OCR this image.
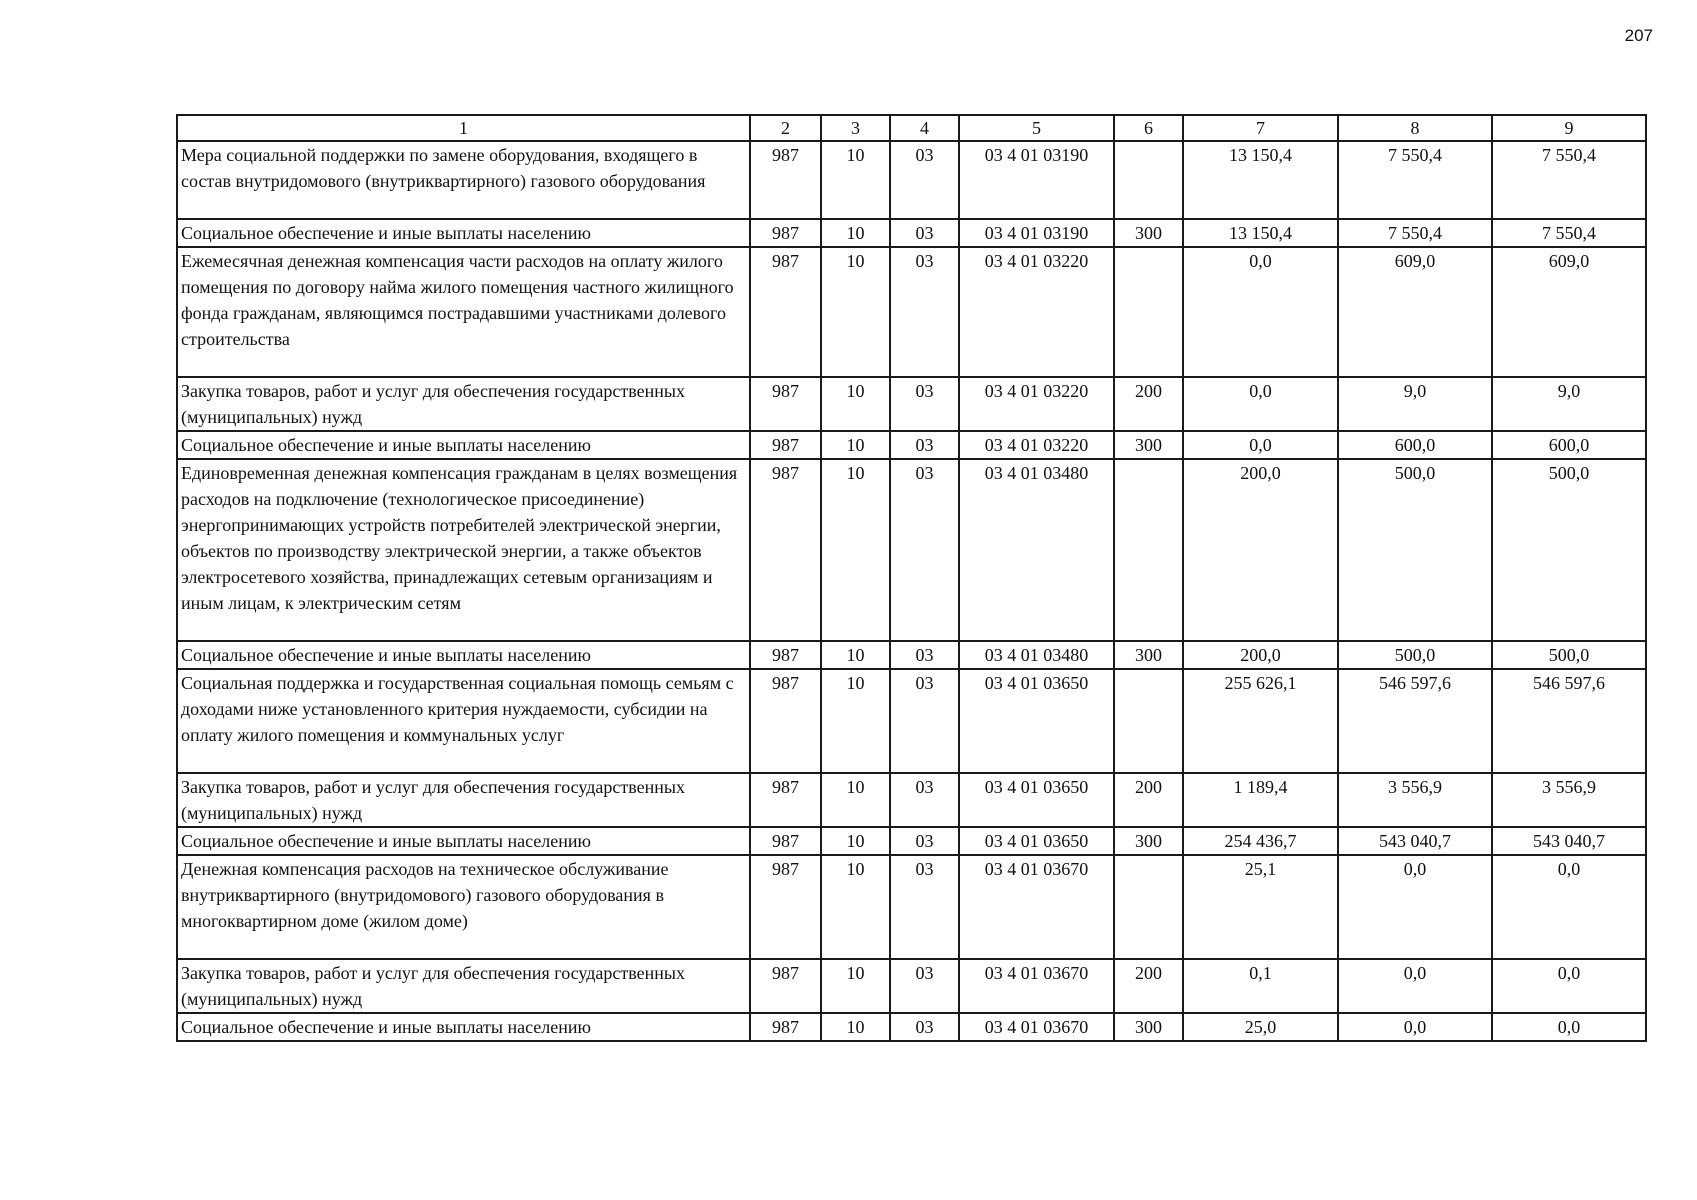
207
1	2	3	4	5	6	7	8	9
Мера социальной поддержки по замене оборудования, входящего в состав внутридомового (внутриквартирного) газового оборудования	987	10	03	03 4 01 03190		13 150,4	7 550,4	7 550,4
Социальное обеспечение и иные выплаты населению	987	10	03	03 4 01 03190	300	13 150,4	7 550,4	7 550,4
Ежемесячная денежная компенсация части расходов на оплату жилого помещения по договору найма жилого помещения частного жилищного фонда гражданам, являющимся пострадавшими участниками долевого строительства	987	10	03	03 4 01 03220		0,0	609,0	609,0
Закупка товаров, работ и услуг для обеспечения государственных (муниципальных) нужд	987	10	03	03 4 01 03220	200	0,0	9,0	9,0
Социальное обеспечение и иные выплаты населению	987	10	03	03 4 01 03220	300	0,0	600,0	600,0
Единовременная денежная компенсация гражданам в целях возмещения расходов на подключение (технологическое присоединение) энергопринимающих устройств потребителей электрической энергии, объектов по производству электрической энергии, а также объектов электросетевого хозяйства, принадлежащих сетевым организациям и иным лицам, к электрическим сетям	987	10	03	03 4 01 03480		200,0	500,0	500,0
Социальное обеспечение и иные выплаты населению	987	10	03	03 4 01 03480	300	200,0	500,0	500,0
Социальная поддержка и государственная социальная помощь семьям с доходами ниже установленного критерия нуждаемости, субсидии на оплату жилого помещения и коммунальных услуг	987	10	03	03 4 01 03650		255 626,1	546 597,6	546 597,6
Закупка товаров, работ и услуг для обеспечения государственных (муниципальных) нужд	987	10	03	03 4 01 03650	200	1 189,4	3 556,9	3 556,9
Социальное обеспечение и иные выплаты населению	987	10	03	03 4 01 03650	300	254 436,7	543 040,7	543 040,7
Денежная компенсация расходов на техническое обслуживание внутриквартирного (внутридомового) газового оборудования в многоквартирном доме (жилом доме)	987	10	03	03 4 01 03670		25,1	0,0	0,0
Закупка товаров, работ и услуг для обеспечения государственных (муниципальных) нужд	987	10	03	03 4 01 03670	200	0,1	0,0	0,0
Социальное обеспечение и иные выплаты населению	987	10	03	03 4 01 03670	300	25,0	0,0	0,0
